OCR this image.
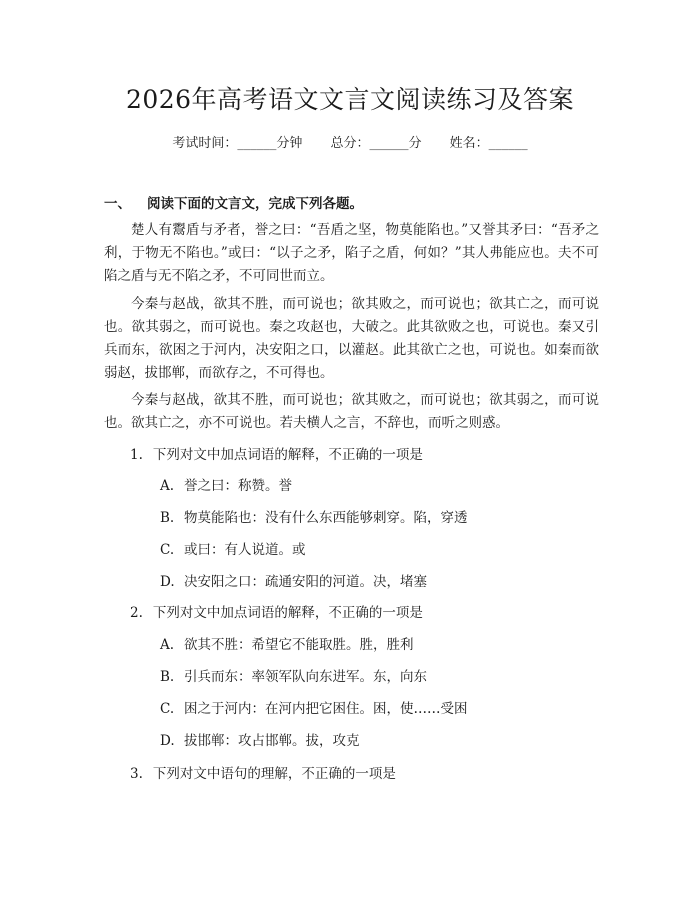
2026年高考语文文言文阅读练习及答案
考试时间：______分钟 总分：______分 姓名：______
一、 阅读下面的文言文，完成下列各题。
楚人有鬻盾与矛者，誉之曰：“吾盾之坚，物莫能陷也。”又誉其矛曰：“吾矛之利，于物无不陷也。”或曰：“以子之矛，陷子之盾，何如？”其人弗能应也。夫不可陷之盾与无不陷之矛，不可同世而立。
今秦与赵战，欲其不胜，而可说也；欲其败之，而可说也；欲其亡之，而可说也。欲其弱之，而可说也。秦之攻赵也，大破之。此其欲败之也，可说也。秦又引兵而东，欲困之于河内，决安阳之口，以灌赵。此其欲亡之也，可说也。如秦而欲弱赵，拔邯郸，而欲存之，不可得也。
今秦与赵战，欲其不胜，而可说也；欲其败之，而可说也；欲其弱之，而可说也。欲其亡之，亦不可说也。若夫横人之言，不辞也，而听之则惑。
1. 下列对文中加点词语的解释，不正确的一项是
A. 誉之曰：称赞。誉
B. 物莫能陷也：没有什么东西能够刺穿。陷，穿透
C. 或曰：有人说道。或
D. 决安阳之口：疏通安阳的河道。决，堵塞
2. 下列对文中加点词语的解释，不正确的一项是
A. 欲其不胜：希望它不能取胜。胜，胜利
B. 引兵而东：率领军队向东进军。东，向东
C. 困之于河内：在河内把它困住。困，使……受困
D. 拔邯郸：攻占邯郸。拔，攻克
3. 下列对文中语句的理解，不正确的一项是
